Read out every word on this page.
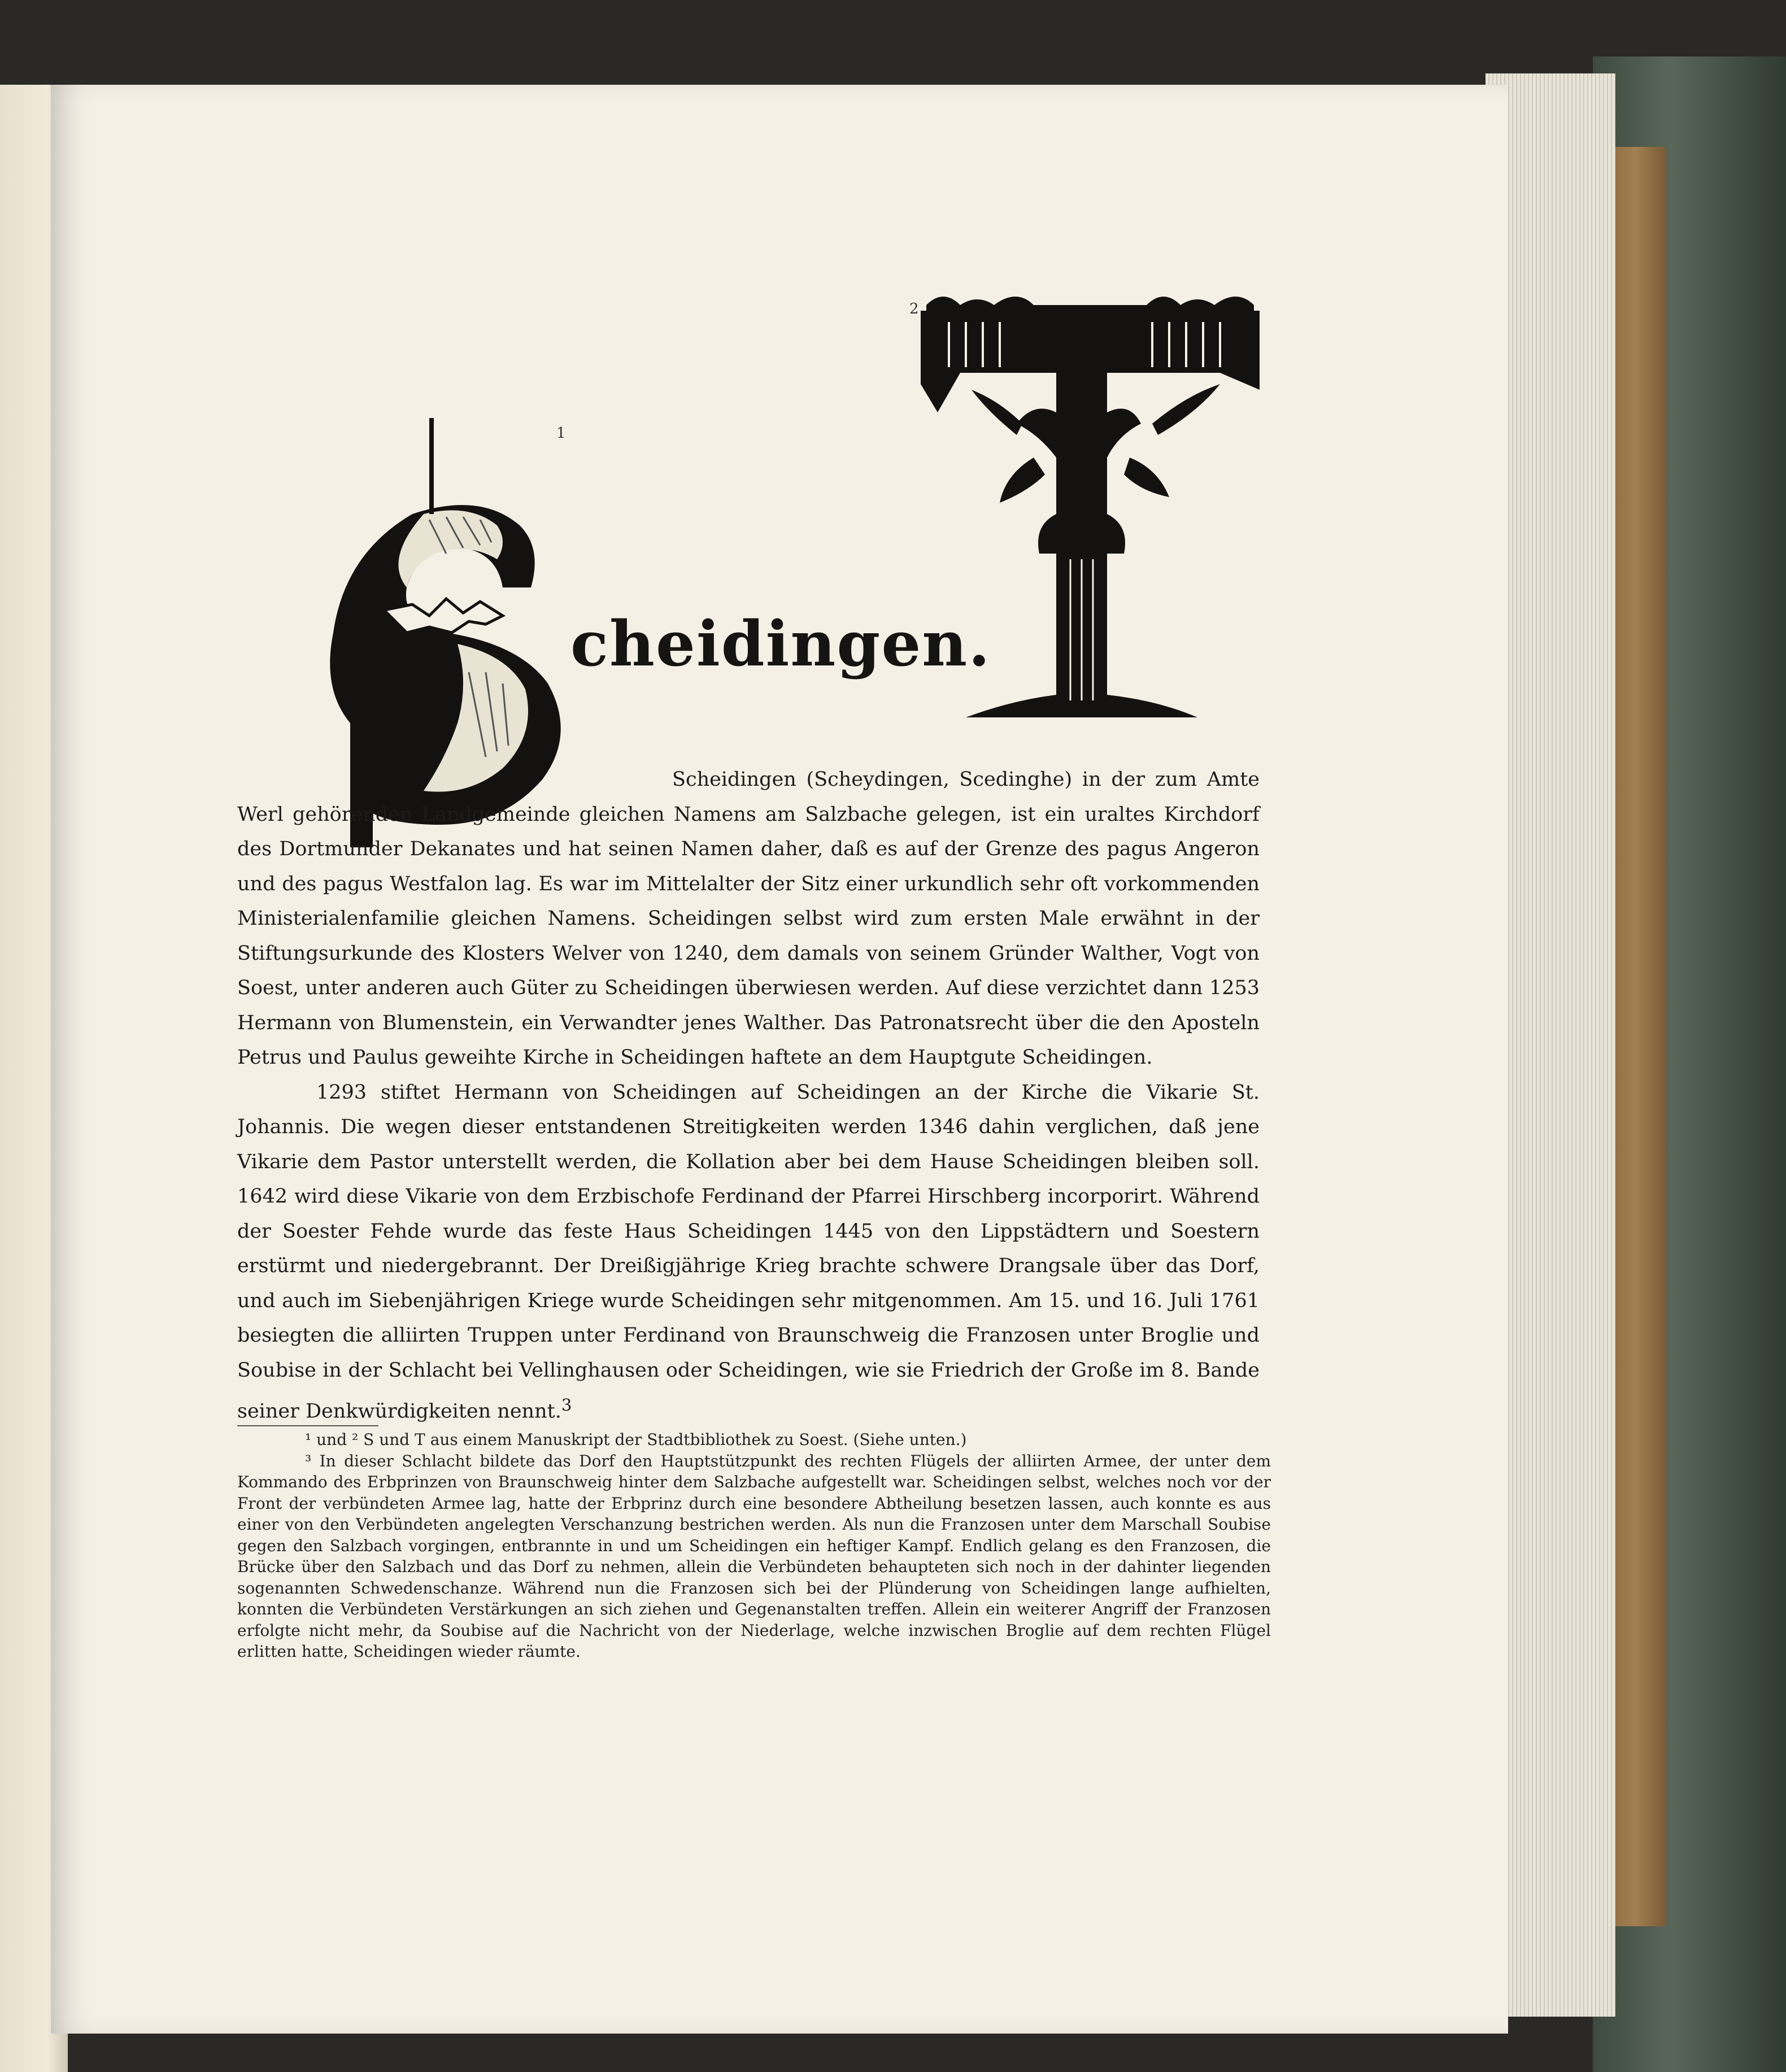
1
2
cheidingen.

Scheidingen (Scheydingen, Scedinghe) in der zum Amte Werl gehörenden Landgemeinde gleichen Namens am Salzbache gelegen, ist ein uraltes Kirchdorf des Dortmunder Dekanates und hat seinen Namen daher, daß es auf der Grenze des pagus Angeron und des pagus Westfalon lag. Es war im Mittelalter der Sitz einer urkundlich sehr oft vorkommenden Ministerialenfamilie gleichen Namens. Scheidingen selbst wird zum ersten Male erwähnt in der Stiftungsurkunde des Klosters Welver von 1240, dem damals von seinem Gründer Walther, Vogt von Soest, unter anderen auch Güter zu Scheidingen überwiesen werden. Auf diese verzichtet dann 1253 Hermann von Blumenstein, ein Verwandter jenes Walther. Das Patronatsrecht über die den Aposteln Petrus und Paulus geweihte Kirche in Scheidingen haftete an dem Hauptgute Scheidingen.

1293 stiftet Hermann von Scheidingen auf Scheidingen an der Kirche die Vikarie St. Johannis. Die wegen dieser entstandenen Streitigkeiten werden 1346 dahin verglichen, daß jene Vikarie dem Pastor unterstellt werden, die Kollation aber bei dem Hause Scheidingen bleiben soll. 1642 wird diese Vikarie von dem Erzbischofe Ferdinand der Pfarrei Hirschberg incorporirt. Während der Soester Fehde wurde das feste Haus Scheidingen 1445 von den Lippstädtern und Soestern erstürmt und niedergebrannt. Der Dreißigjährige Krieg brachte schwere Drangsale über das Dorf, und auch im Siebenjährigen Kriege wurde Scheidingen sehr mitgenommen. Am 15. und 16. Juli 1761 besiegten die alliirten Truppen unter Ferdinand von Braunschweig die Franzosen unter Broglie und Soubise in der Schlacht bei Vellinghausen oder Scheidingen, wie sie Friedrich der Große im 8. Bande seiner Denkwürdigkeiten nennt.$^3$

¹ und ² S und T aus einem Manuskript der Stadtbibliothek zu Soest. (Siehe unten.)

³ In dieser Schlacht bildete das Dorf den Hauptstützpunkt des rechten Flügels der alliirten Armee, der unter dem Kommando des Erbprinzen von Braunschweig hinter dem Salzbache aufgestellt war. Scheidingen selbst, welches noch vor der Front der verbündeten Armee lag, hatte der Erbprinz durch eine besondere Abtheilung besetzen lassen, auch konnte es aus einer von den Verbündeten angelegten Verschanzung bestrichen werden. Als nun die Franzosen unter dem Marschall Soubise gegen den Salzbach vorgingen, entbrannte in und um Scheidingen ein heftiger Kampf. Endlich gelang es den Franzosen, die Brücke über den Salzbach und das Dorf zu nehmen, allein die Verbündeten behaupteten sich noch in der dahinter liegenden sogenannten Schwedenschanze. Während nun die Franzosen sich bei der Plünderung von Scheidingen lange aufhielten, konnten die Verbündeten Verstärkungen an sich ziehen und Gegenanstalten treffen. Allein ein weiterer Angriff der Franzosen erfolgte nicht mehr, da Soubise auf die Nachricht von der Niederlage, welche inzwischen Broglie auf dem rechten Flügel erlitten hatte, Scheidingen wieder räumte.
